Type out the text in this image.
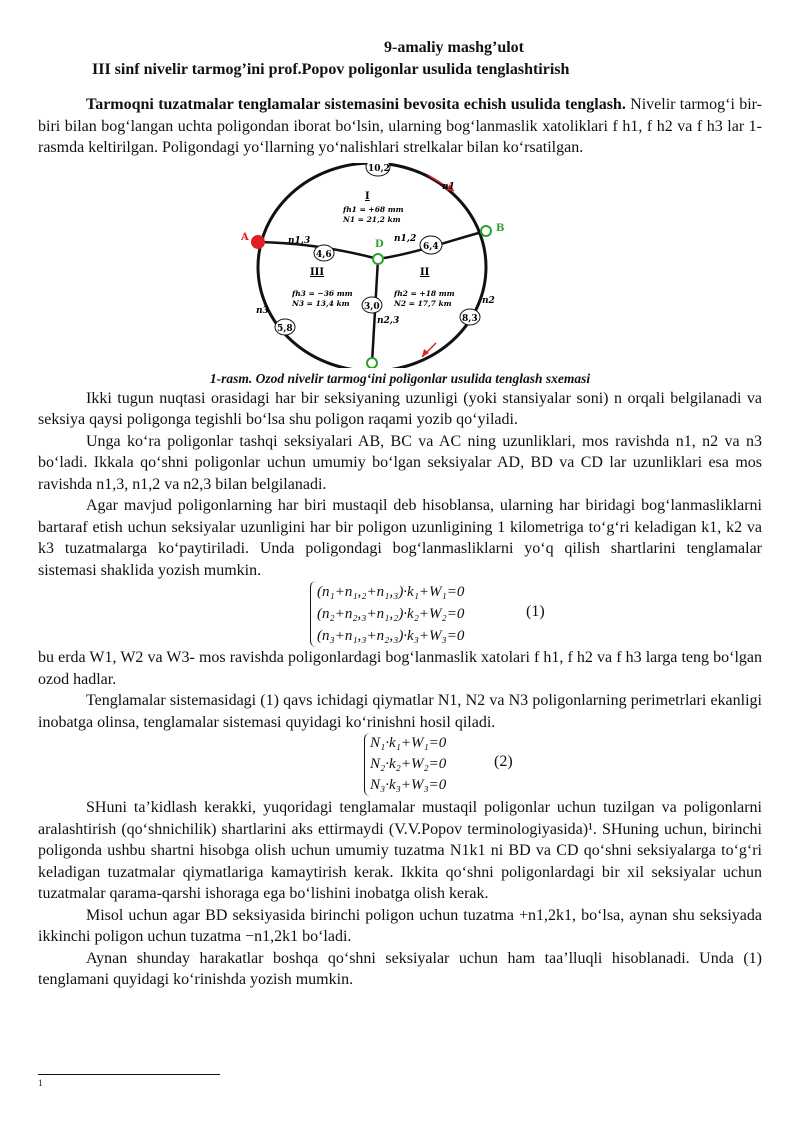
9-amaliy mashg’ulot
III sinf nivelir tarmog’ini prof.Popov poligonlar usulida tenglashtirish

Tarmoqni tuzatmalar tenglamalar sistemasini bevosita echish usulida tenglash. Nivelir tarmog‘i bir- biri bilan bog‘langan uchta poligondan iborat bo‘lsin, ularning bog‘lanmaslik xatoliklari f h1, f h2 va f h3 lar 1- rasmda keltirilgan. Poligondagi yo‘llarning yo‘nalishlari strelkalar bilan ko‘rsatilgan.

A
B
D
10,2
4,6
6,4
3,0
5,8
8,3
n1
n1,3	n1,2
n2
n3
n2,3
I
fh1 = +68 mm
N1 = 21,2 km
III
fh3 = −36 mm
N3 = 13,4 km
II
fh2 = +18 mm
N2 = 17,7 km
1-rasm. Ozod nivelir tarmog‘ini poligonlar usulida tenglash sxemasi

Ikki tugun nuqtasi orasidagi har bir seksiyaning uzunligi (yoki stansiyalar soni) n orqali belgilanadi va seksiya qaysi poligonga tegishli bo‘lsa shu poligon raqami yozib qo‘yiladi.

Unga ko‘ra poligonlar tashqi seksiyalari AB, BC va AC ning uzunliklari, mos ravishda n1, n2 va n3 bo‘ladi. Ikkala qo‘shni poligonlar uchun umumiy bo‘lgan seksiyalar AD, BD va CD lar uzunliklari esa mos ravishda n1,3, n1,2 va n2,3 bilan belgilanadi.

Agar mavjud poligonlarning har biri mustaqil deb hisoblansa, ularning har biridagi bog‘lanmasliklarni bartaraf etish uchun seksiyalar uzunligini har bir poligon uzunligining 1 kilometriga to‘g‘ri keladigan k1, k2 va k3 tuzatmalarga ko‘paytiriladi. Unda poligondagi bog‘lanmasliklarni yo‘q qilish shartlarini tenglamalar sistemasi shaklida yozish mumkin.

(n₁+n₁,₂+n₁,₃)·k₁+W₁=0
(n₂+n₂,₃+n₁,₂)·k₂+W₂=0
(n₃+n₁,₃+n₂,₃)·k₃+W₃=0
(1)

bu erda W1, W2 va W3- mos ravishda poligonlardagi bog‘lanmaslik xatolari f h1, f h2 va f h3 larga teng bo‘lgan ozod hadlar.

Tenglamalar sistemasidagi (1) qavs ichidagi qiymatlar N1, N2 va N3 poligonlarning perimetrlari ekanligi inobatga olinsa, tenglamalar sistemasi quyidagi ko‘rinishni hosil qiladi.

N₁·k₁+W₁=0
N₂·k₂+W₂=0
N₃·k₃+W₃=0
(2)

SHuni ta’kidlash kerakki, yuqoridagi tenglamalar mustaqil poligonlar uchun tuzilgan va poligonlarni aralashtirish (qo‘shnichilik) shartlarini aks ettirmaydi (V.V.Popov terminologiyasida)¹. SHuning uchun, birinchi poligonda ushbu shartni hisobga olish uchun umumiy tuzatma N1k1 ni BD va CD qo‘shni seksiyalarga to‘g‘ri keladigan tuzatmalar qiymatlariga kamaytirish kerak. Ikkita qo‘shni poligonlardagi bir xil seksiyalar uchun tuzatmalar qarama-qarshi ishoraga ega bo‘lishini inobatga olish kerak.

Misol uchun agar BD seksiyasida birinchi poligon uchun tuzatma +n1,2k1, bo‘lsa, aynan shu seksiyada ikkinchi poligon uchun tuzatma −n1,2k1 bo‘ladi.

Aynan shunday harakatlar boshqa qo‘shni seksiyalar uchun ham taa’lluqli hisoblanadi. Unda (1) tenglamani quyidagi ko‘rinishda yozish mumkin.

1
